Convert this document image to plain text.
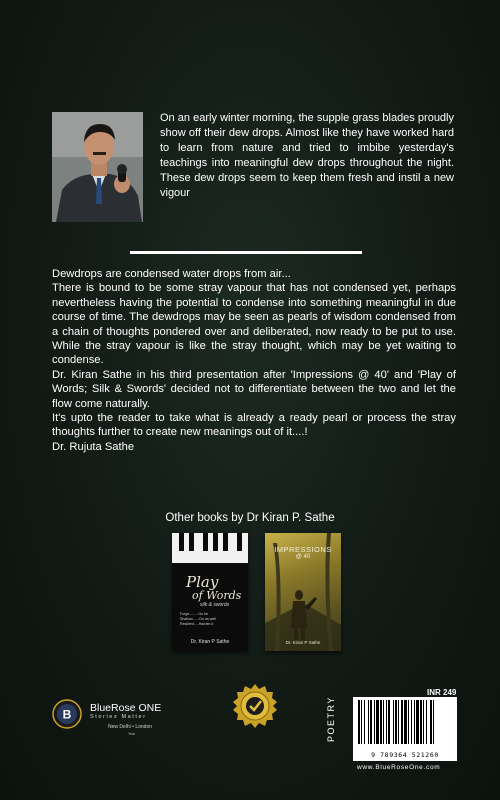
On an early winter morning, the supple grass blades proudly show off their dew drops. Almost like they have worked hard to learn from nature and tried to imbibe yesterday's teachings into meaningful dew drops throughout the night. These dew drops seem to keep them fresh and instil a new vigour

Dewdrops are condensed water drops from air...

There is bound to be some stray vapour that has not condensed yet, perhaps nevertheless having the potential to condense into something meaningful in due course of time. The dewdrops may be seen as pearls of wisdom condensed from a chain of thoughts pondered over and deliberated, now ready to be put to use. While the stray vapour is like the stray thought, which may be yet waiting to condense.

Dr. Kiran Sathe in his third presentation after 'Impressions @ 40' and 'Play of Words; Silk & Swords' decided not to differentiate between the two and let the flow come naturally.

It's upto the reader to take what is already a ready pearl or process the stray thoughts further to create new meanings out of it....!

Dr. Rujuta Sathe

Other books by Dr Kiran P. Sathe
Play
of Words
silk & swords
Forge.........Go for
Shallow.......Do as well
Resilient.....Harden it
Dr. Kiran P Sathe
IMPRESSIONS
@ 40
Dr. Kiran P Sathe
B BlueRose ONE
Stories Matter
New Delhi • London
Year
INR 249
POETRY
9 789364 521260
www.BlueRoseOne.com
